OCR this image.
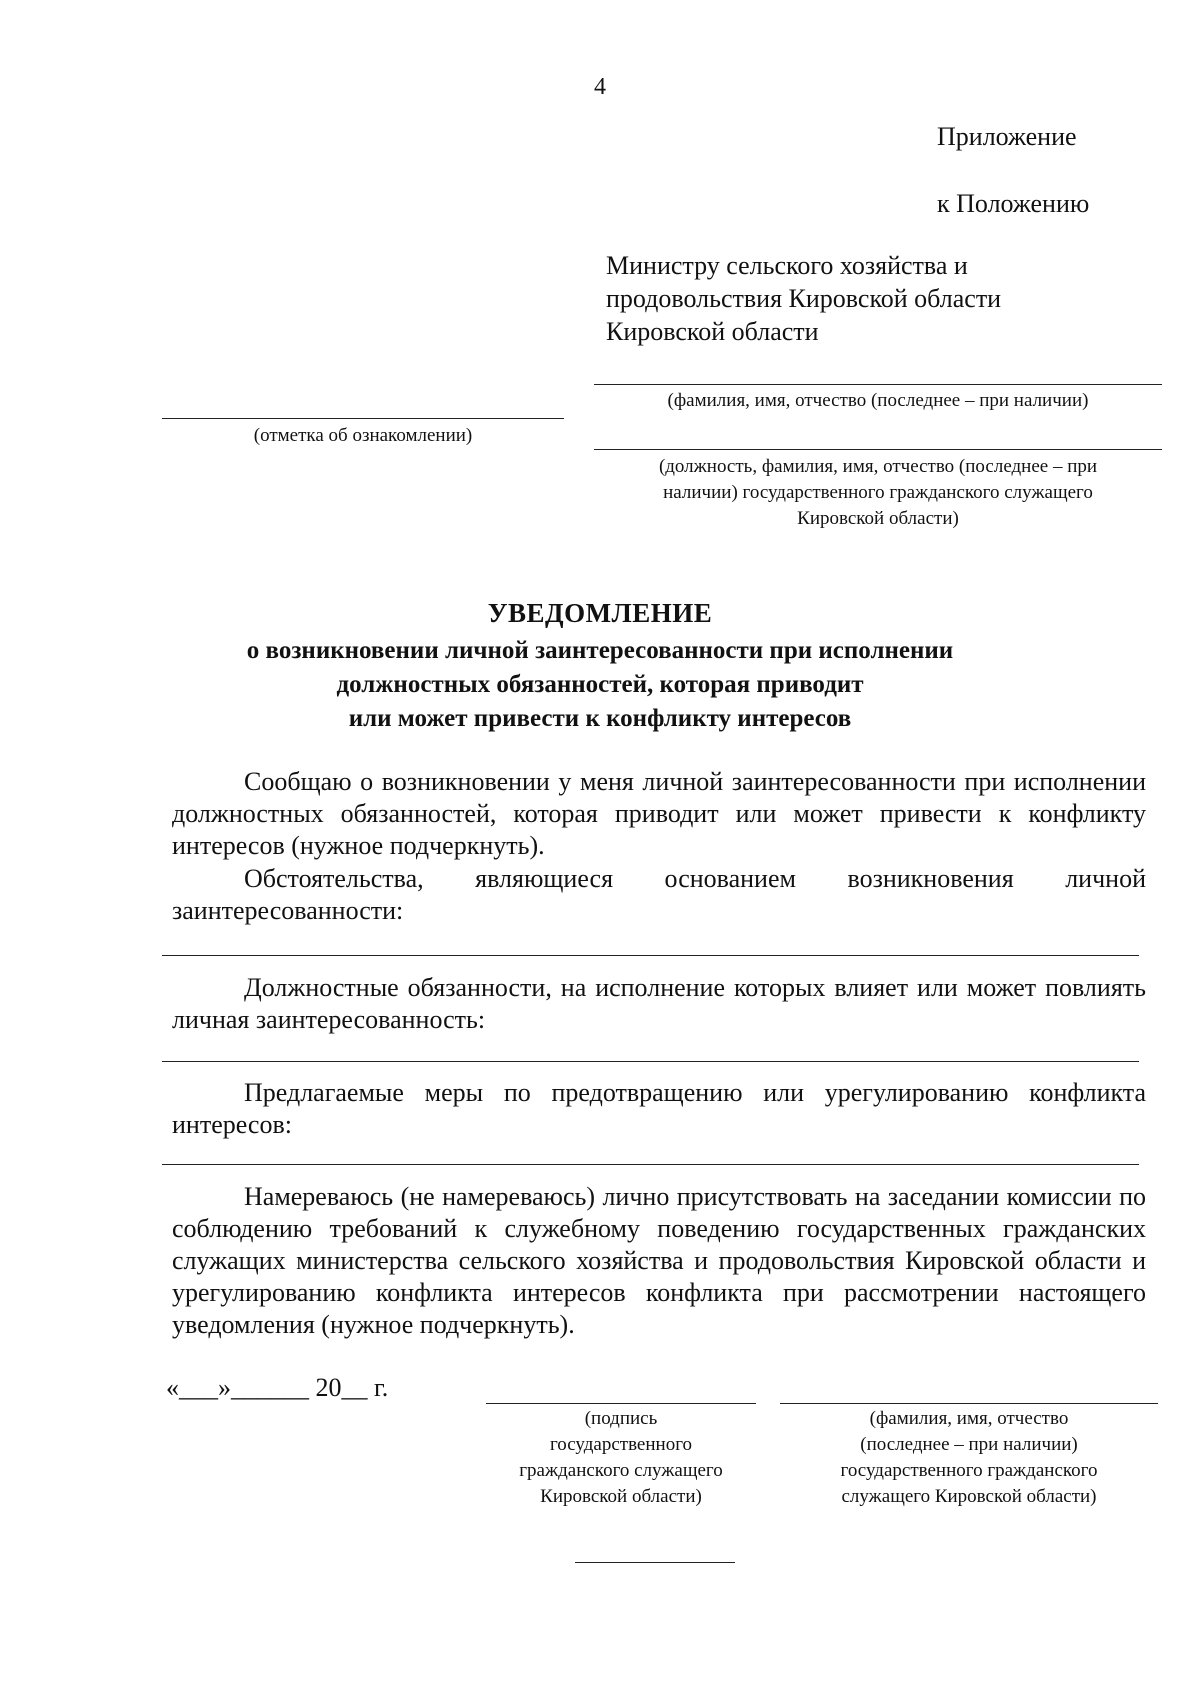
4
Приложение
к Положению
Министру сельского хозяйства и
продовольствия Кировской области
Кировской области
(фамилия, имя, отчество (последнее – при наличии)
(отметка об ознакомлении)
(должность, фамилия, имя, отчество (последнее – при
наличии) государственного гражданского служащего
Кировской области)
УВЕДОМЛЕНИЕ
о возникновении личной заинтересованности при исполнении
должностных обязанностей, которая приводит
или может привести к конфликту интересов
Сообщаю о возникновении у меня личной заинтересованности при исполнении должностных обязанностей, которая приводит или может привести к конфликту интересов (нужное подчеркнуть).
Обстоятельства, являющиеся основанием возникновения личной заинтересованности:
Должностные обязанности, на исполнение которых влияет или может повлиять личная заинтересованность:
Предлагаемые меры по предотвращению или урегулированию конфликта интересов:
Намереваюсь (не намереваюсь) лично присутствовать на заседании комиссии по соблюдению требований к служебному поведению государственных гражданских служащих министерства сельского хозяйства и продовольствия Кировской области и урегулированию конфликта интересов конфликта при рассмотрении настоящего уведомления (нужное подчеркнуть).
«___»______ 20__ г.
(подпись
государственного
гражданского служащего
Кировской области)
(фамилия, имя, отчество
(последнее – при наличии)
государственного гражданского
служащего Кировской области)
